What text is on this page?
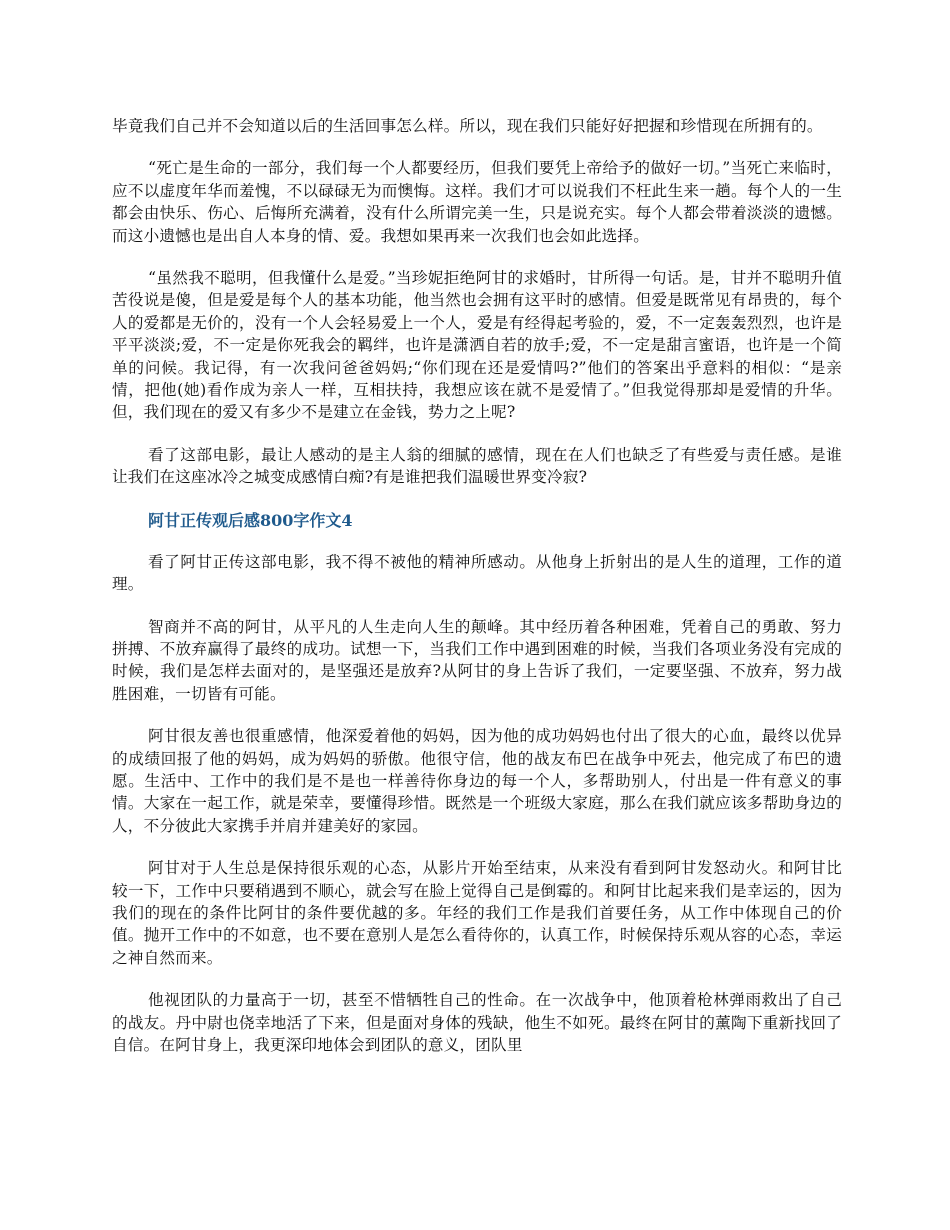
毕竟我们自己并不会知道以后的生活回事怎么样。所以，现在我们只能好好把握和珍惜现在所拥有的。

“死亡是生命的一部分，我们每一个人都要经历，但我们要凭上帝给予的做好一切。”当死亡来临时，应不以虚度年华而羞愧，不以碌碌无为而懊悔。这样。我们才可以说我们不枉此生来一趟。每个人的一生都会由快乐、伤心、后悔所充满着，没有什么所谓完美一生，只是说充实。每个人都会带着淡淡的遗憾。而这小遗憾也是出自人本身的情、爱。我想如果再来一次我们也会如此选择。

“虽然我不聪明，但我懂什么是爱。”当珍妮拒绝阿甘的求婚时，甘所得一句话。是，甘并不聪明升值苦役说是傻，但是爱是每个人的基本功能，他当然也会拥有这平时的感情。但爱是既常见有昂贵的，每个人的爱都是无价的，没有一个人会轻易爱上一个人，爱是有经得起考验的，爱，不一定轰轰烈烈，也许是平平淡淡;爱，不一定是你死我会的羁绊，也许是潇洒自若的放手;爱，不一定是甜言蜜语，也许是一个简单的问候。我记得，有一次我问爸爸妈妈;“你们现在还是爱情吗?”他们的答案出乎意料的相似：“是亲情，把他(她)看作成为亲人一样，互相扶持，我想应该在就不是爱情了。”但我觉得那却是爱情的升华。但，我们现在的爱又有多少不是建立在金钱，势力之上呢?

看了这部电影，最让人感动的是主人翁的细腻的感情，现在在人们也缺乏了有些爱与责任感。是谁让我们在这座冰冷之城变成感情白痴?有是谁把我们温暖世界变冷寂?

阿甘正传观后感800字作文4

看了阿甘正传这部电影，我不得不被他的精神所感动。从他身上折射出的是人生的道理，工作的道理。

智商并不高的阿甘，从平凡的人生走向人生的颠峰。其中经历着各种困难，凭着自己的勇敢、努力拼搏、不放弃赢得了最终的成功。试想一下，当我们工作中遇到困难的时候，当我们各项业务没有完成的时候，我们是怎样去面对的，是坚强还是放弃?从阿甘的身上告诉了我们，一定要坚强、不放弃，努力战胜困难，一切皆有可能。

阿甘很友善也很重感情，他深爱着他的妈妈，因为他的成功妈妈也付出了很大的心血，最终以优异的成绩回报了他的妈妈，成为妈妈的骄傲。他很守信，他的战友布巴在战争中死去，他完成了布巴的遗愿。生活中、工作中的我们是不是也一样善待你身边的每一个人，多帮助别人，付出是一件有意义的事情。大家在一起工作，就是荣幸，要懂得珍惜。既然是一个班级大家庭，那么在我们就应该多帮助身边的人，不分彼此大家携手并肩并建美好的家园。

阿甘对于人生总是保持很乐观的心态，从影片开始至结束，从来没有看到阿甘发怒动火。和阿甘比较一下，工作中只要稍遇到不顺心，就会写在脸上觉得自己是倒霉的。和阿甘比起来我们是幸运的，因为我们的现在的条件比阿甘的条件要优越的多。年经的我们工作是我们首要任务，从工作中体现自己的价值。抛开工作中的不如意，也不要在意别人是怎么看待你的，认真工作，时候保持乐观从容的心态，幸运之神自然而来。

他视团队的力量高于一切，甚至不惜牺牲自己的性命。在一次战争中，他顶着枪林弹雨救出了自己的战友。丹中尉也侥幸地活了下来，但是面对身体的残缺，他生不如死。最终在阿甘的薰陶下重新找回了自信。在阿甘身上，我更深印地体会到团队的意义，团队里
